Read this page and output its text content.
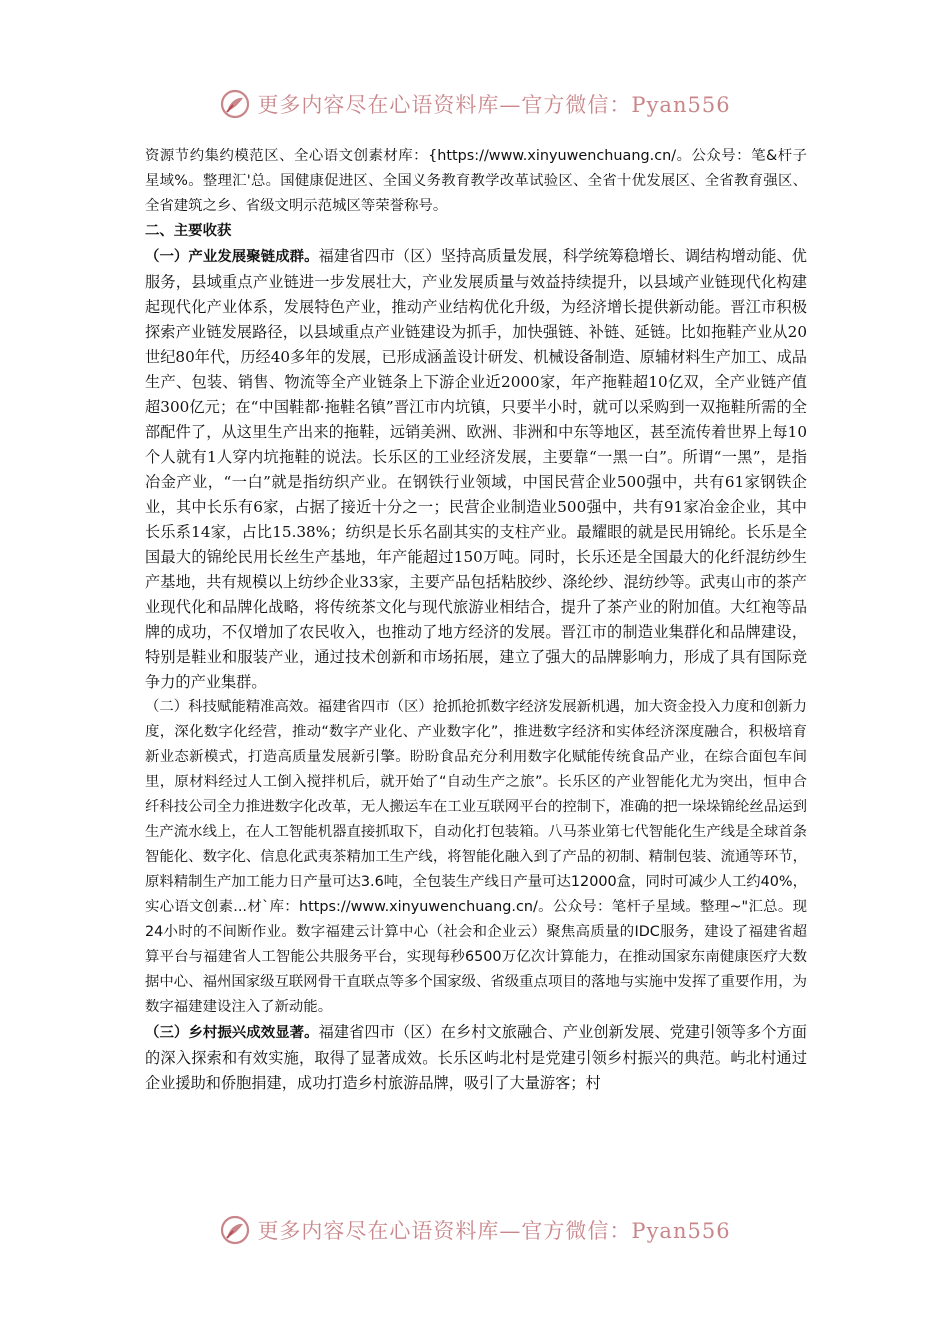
更多内容尽在心语资料库—官方微信：Pyan556

资源节约集约模范区、全心语文创素材库：{https://www.xinyuwenchuang.cn/。公众号：笔&杆子星域%。整理汇'总。国健康促进区、全国义务教育教学改革试验区、全省十优发展区、全省教育强区、全省建筑之乡、省级文明示范城区等荣誉称号。

二、主要收获

（一）产业发展聚链成群。福建省四市（区）坚持高质量发展，科学统筹稳增长、调结构增动能、优服务，县域重点产业链进一步发展壮大，产业发展质量与效益持续提升，以县域产业链现代化构建起现代化产业体系，发展特色产业，推动产业结构优化升级，为经济增长提供新动能。晋江市积极探索产业链发展路径，以县域重点产业链建设为抓手，加快强链、补链、延链。比如拖鞋产业从20世纪80年代，历经40多年的发展，已形成涵盖设计研发、机械设备制造、原辅材料生产加工、成品生产、包装、销售、物流等全产业链条上下游企业近2000家，年产拖鞋超10亿双，全产业链产值超300亿元；在“中国鞋都·拖鞋名镇”晋江市内坑镇，只要半小时，就可以采购到一双拖鞋所需的全部配件了，从这里生产出来的拖鞋，远销美洲、欧洲、非洲和中东等地区，甚至流传着世界上每10个人就有1人穿内坑拖鞋的说法。长乐区的工业经济发展，主要靠“一黑一白”。所谓“一黑”，是指冶金产业，“一白”就是指纺织产业。在钢铁行业领域，中国民营企业500强中，共有61家钢铁企业，其中长乐有6家，占据了接近十分之一；民营企业制造业500强中，共有91家冶金企业，其中长乐系14家，占比15.38%；纺织是长乐名副其实的支柱产业。最耀眼的就是民用锦纶。长乐是全国最大的锦纶民用长丝生产基地，年产能超过150万吨。同时，长乐还是全国最大的化纤混纺纱生产基地，共有规模以上纺纱企业33家，主要产品包括粘胶纱、涤纶纱、混纺纱等。武夷山市的茶产业现代化和品牌化战略，将传统茶文化与现代旅游业相结合，提升了茶产业的附加值。大红袍等品牌的成功，不仅增加了农民收入，也推动了地方经济的发展。晋江市的制造业集群化和品牌建设，特别是鞋业和服装产业，通过技术创新和市场拓展，建立了强大的品牌影响力，形成了具有国际竞争力的产业集群。

（二）科技赋能精准高效。福建省四市（区）抢抓抢抓数字经济发展新机遇，加大资金投入力度和创新力度，深化数字化经营，推动“数字产业化、产业数字化”，推进数字经济和实体经济深度融合，积极培育新业态新模式，打造高质量发展新引擎。盼盼食品充分利用数字化赋能传统食品产业，在综合面包车间里，原材料经过人工倒入搅拌机后，就开始了“自动生产之旅”。长乐区的产业智能化尤为突出，恒申合纤科技公司全力推进数字化改革，无人搬运车在工业互联网平台的控制下，准确的把一垛垛锦纶丝品运到生产流水线上，在人工智能机器直接抓取下，自动化打包装箱。八马茶业第七代智能化生产线是全球首条智能化、数字化、信息化武夷茶精加工生产线，将智能化融入到了产品的初制、精制包装、流通等环节，原料精制生产加工能力日产量可达3.6吨，全包装生产线日产量可达12000盒，同时可减少人工约40%，实心语文创素...材`库：https://www.xinyuwenchuang.cn/。公众号：笔杆子星域。整理~"汇总。现24小时的不间断作业。数字福建云计算中心（社会和企业云）聚焦高质量的IDC服务，建设了福建省超算平台与福建省人工智能公共服务平台，实现每秒6500万亿次计算能力，在推动国家东南健康医疗大数据中心、福州国家级互联网骨干直联点等多个国家级、省级重点项目的落地与实施中发挥了重要作用，为数字福建建设注入了新动能。

（三）乡村振兴成效显著。福建省四市（区）在乡村文旅融合、产业创新发展、党建引领等多个方面的深入探索和有效实施，取得了显著成效。长乐区屿北村是党建引领乡村振兴的典范。屿北村通过企业援助和侨胞捐建，成功打造乡村旅游品牌，吸引了大量游客；村

更多内容尽在心语资料库—官方微信：Pyan556
